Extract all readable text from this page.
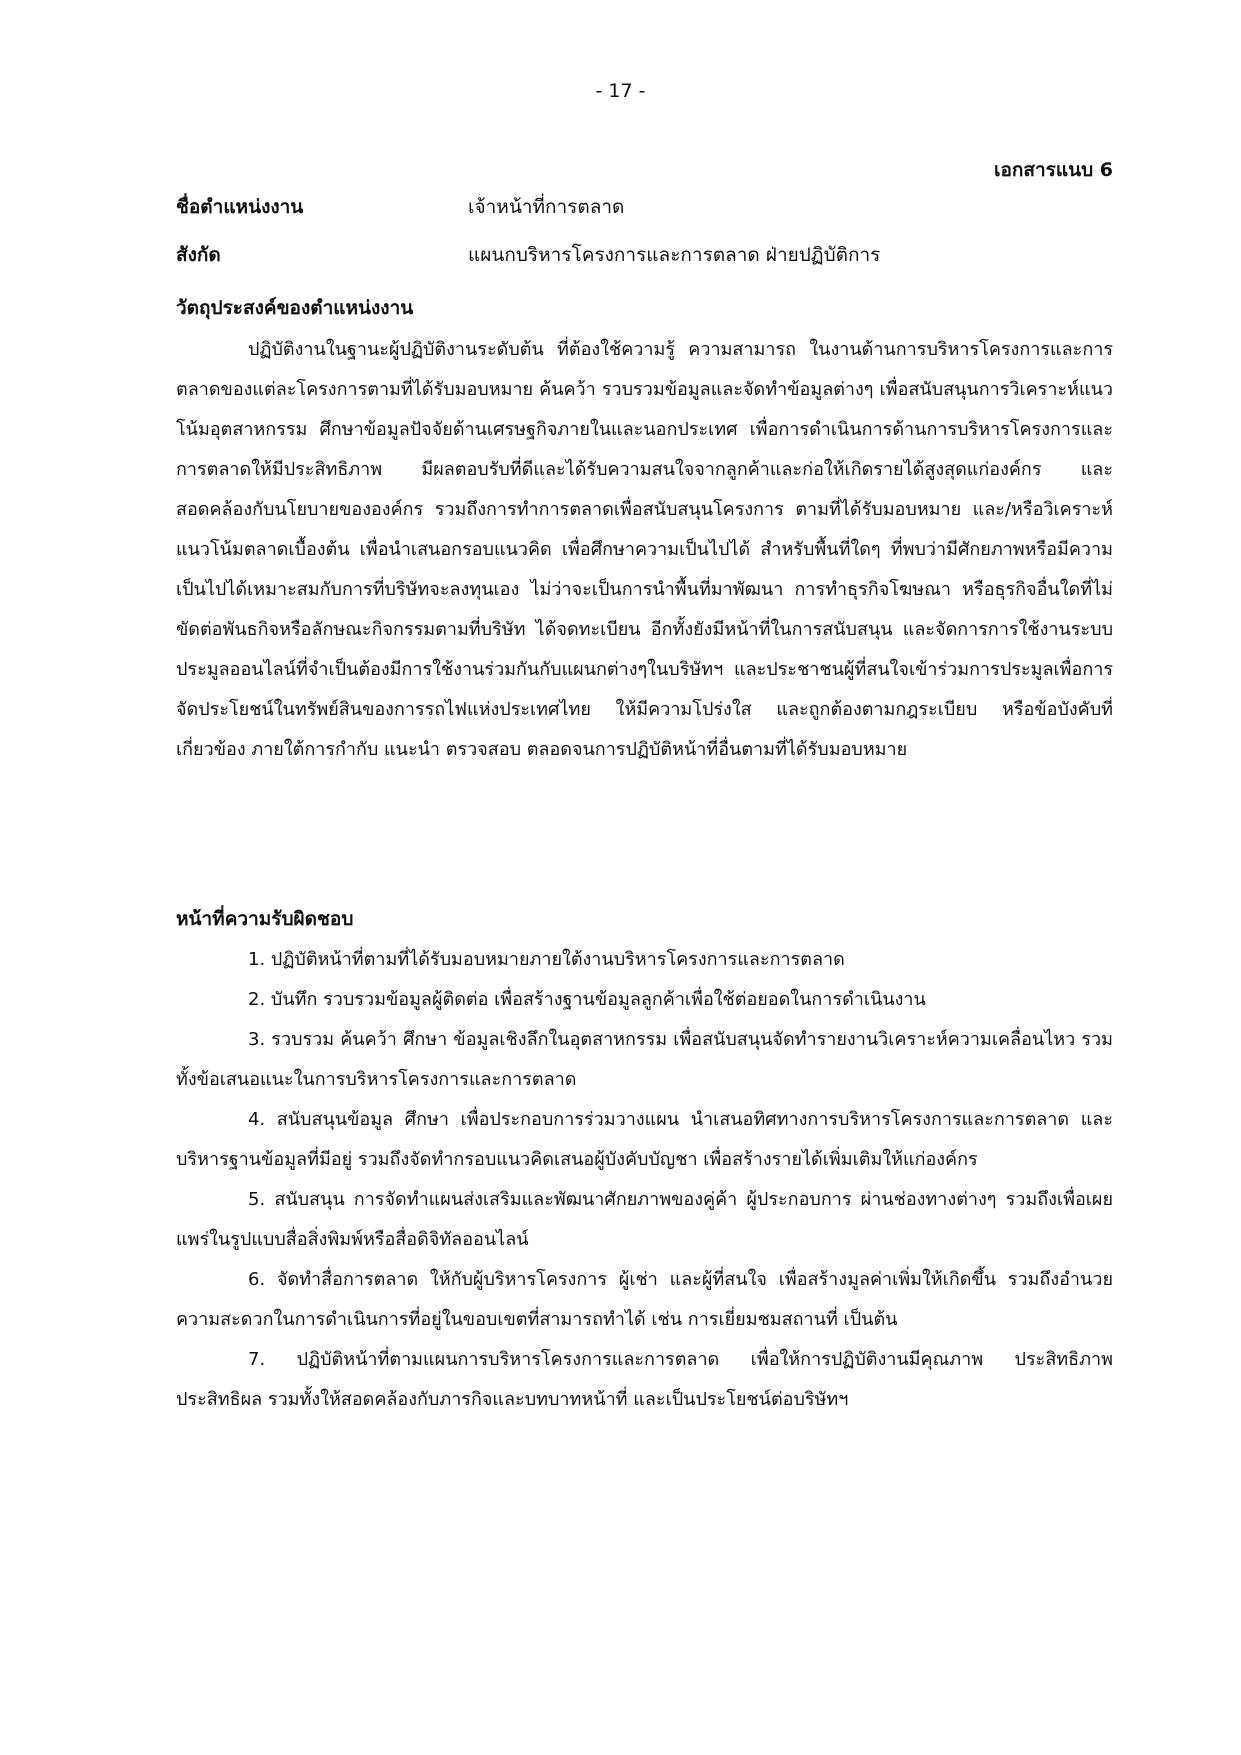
- 17 -
เอกสารแนบ 6
ชื่อตำแหน่งงาน	เจ้าหน้าที่การตลาด
สังกัด	แผนกบริหารโครงการและการตลาด ฝ่ายปฏิบัติการ
วัตถุประสงค์ของตำแหน่งงาน

ปฏิบัติงานในฐานะผู้ปฏิบัติงานระดับต้น ที่ต้องใช้ความรู้ ความสามารถ ในงานด้านการบริหารโครงการและการตลาดของแต่ละโครงการตามที่ได้รับมอบหมาย ค้นคว้า รวบรวมข้อมูลและจัดทำข้อมูลต่างๆ เพื่อสนับสนุนการวิเคราะห์แนวโน้มอุตสาหกรรม ศึกษาข้อมูลปัจจัยด้านเศรษฐกิจภายในและนอกประเทศ เพื่อการดำเนินการด้านการบริหารโครงการและการตลาดให้มีประสิทธิภาพ มีผลตอบรับที่ดีและได้รับความสนใจจากลูกค้าและก่อให้เกิดรายได้สูงสุดแก่องค์กร และสอดคล้องกับนโยบายขององค์กร รวมถึงการทำการตลาดเพื่อสนับสนุนโครงการ ตามที่ได้รับมอบหมาย และ/หรือวิเคราะห์แนวโน้มตลาดเบื้องต้น เพื่อนำเสนอกรอบแนวคิด เพื่อศึกษาความเป็นไปได้ สำหรับพื้นที่ใดๆ ที่พบว่ามีศักยภาพหรือมีความเป็นไปได้เหมาะสมกับการที่บริษัทจะลงทุนเอง ไม่ว่าจะเป็นการนำพื้นที่มาพัฒนา การทำธุรกิจโฆษณา หรือธุรกิจอื่นใดที่ไม่ขัดต่อพันธกิจหรือลักษณะกิจกรรมตามที่บริษัท ได้จดทะเบียน อีกทั้งยังมีหน้าที่ในการสนับสนุน และจัดการการใช้งานระบบประมูลออนไลน์ที่จำเป็นต้องมีการใช้งานร่วมกันกับแผนกต่างๆในบริษัทฯ และประชาชนผู้ที่สนใจเข้าร่วมการประมูลเพื่อการจัดประโยชน์ในทรัพย์สินของการรถไฟแห่งประเทศไทย ให้มีความโปร่งใส และถูกต้องตามกฎระเบียบ หรือข้อบังคับที่เกี่ยวข้อง ภายใต้การกำกับ แนะนำ ตรวจสอบ ตลอดจนการปฏิบัติหน้าที่อื่นตามที่ได้รับมอบหมาย

หน้าที่ความรับผิดชอบ
1. ปฏิบัติหน้าที่ตามที่ได้รับมอบหมายภายใต้งานบริหารโครงการและการตลาด
2. บันทึก รวบรวมข้อมูลผู้ติดต่อ เพื่อสร้างฐานข้อมูลลูกค้าเพื่อใช้ต่อยอดในการดำเนินงาน
3. รวบรวม ค้นคว้า ศึกษา ข้อมูลเชิงลึกในอุตสาหกรรม เพื่อสนับสนุนจัดทำรายงานวิเคราะห์ความเคลื่อนไหว รวมทั้งข้อเสนอแนะในการบริหารโครงการและการตลาด
4. สนับสนุนข้อมูล ศึกษา เพื่อประกอบการร่วมวางแผน นำเสนอทิศทางการบริหารโครงการและการตลาด และบริหารฐานข้อมูลที่มีอยู่ รวมถึงจัดทำกรอบแนวคิดเสนอผู้บังคับบัญชา เพื่อสร้างรายได้เพิ่มเติมให้แก่องค์กร
5. สนับสนุน การจัดทำแผนส่งเสริมและพัฒนาศักยภาพของคู่ค้า ผู้ประกอบการ ผ่านช่องทางต่างๆ รวมถึงเพื่อเผยแพร่ในรูปแบบสื่อสิ่งพิมพ์หรือสื่อดิจิทัลออนไลน์
6. จัดทำสื่อการตลาด ให้กับผู้บริหารโครงการ ผู้เช่า และผู้ที่สนใจ เพื่อสร้างมูลค่าเพิ่มให้เกิดขึ้น รวมถึงอำนวยความสะดวกในการดำเนินการที่อยู่ในขอบเขตที่สามารถทำได้ เช่น การเยี่ยมชมสถานที่ เป็นต้น
7. ปฏิบัติหน้าที่ตามแผนการบริหารโครงการและการตลาด เพื่อให้การปฏิบัติงานมีคุณภาพ ประสิทธิภาพ ประสิทธิผล รวมทั้งให้สอดคล้องกับภารกิจและบทบาทหน้าที่ และเป็นประโยชน์ต่อบริษัทฯ
